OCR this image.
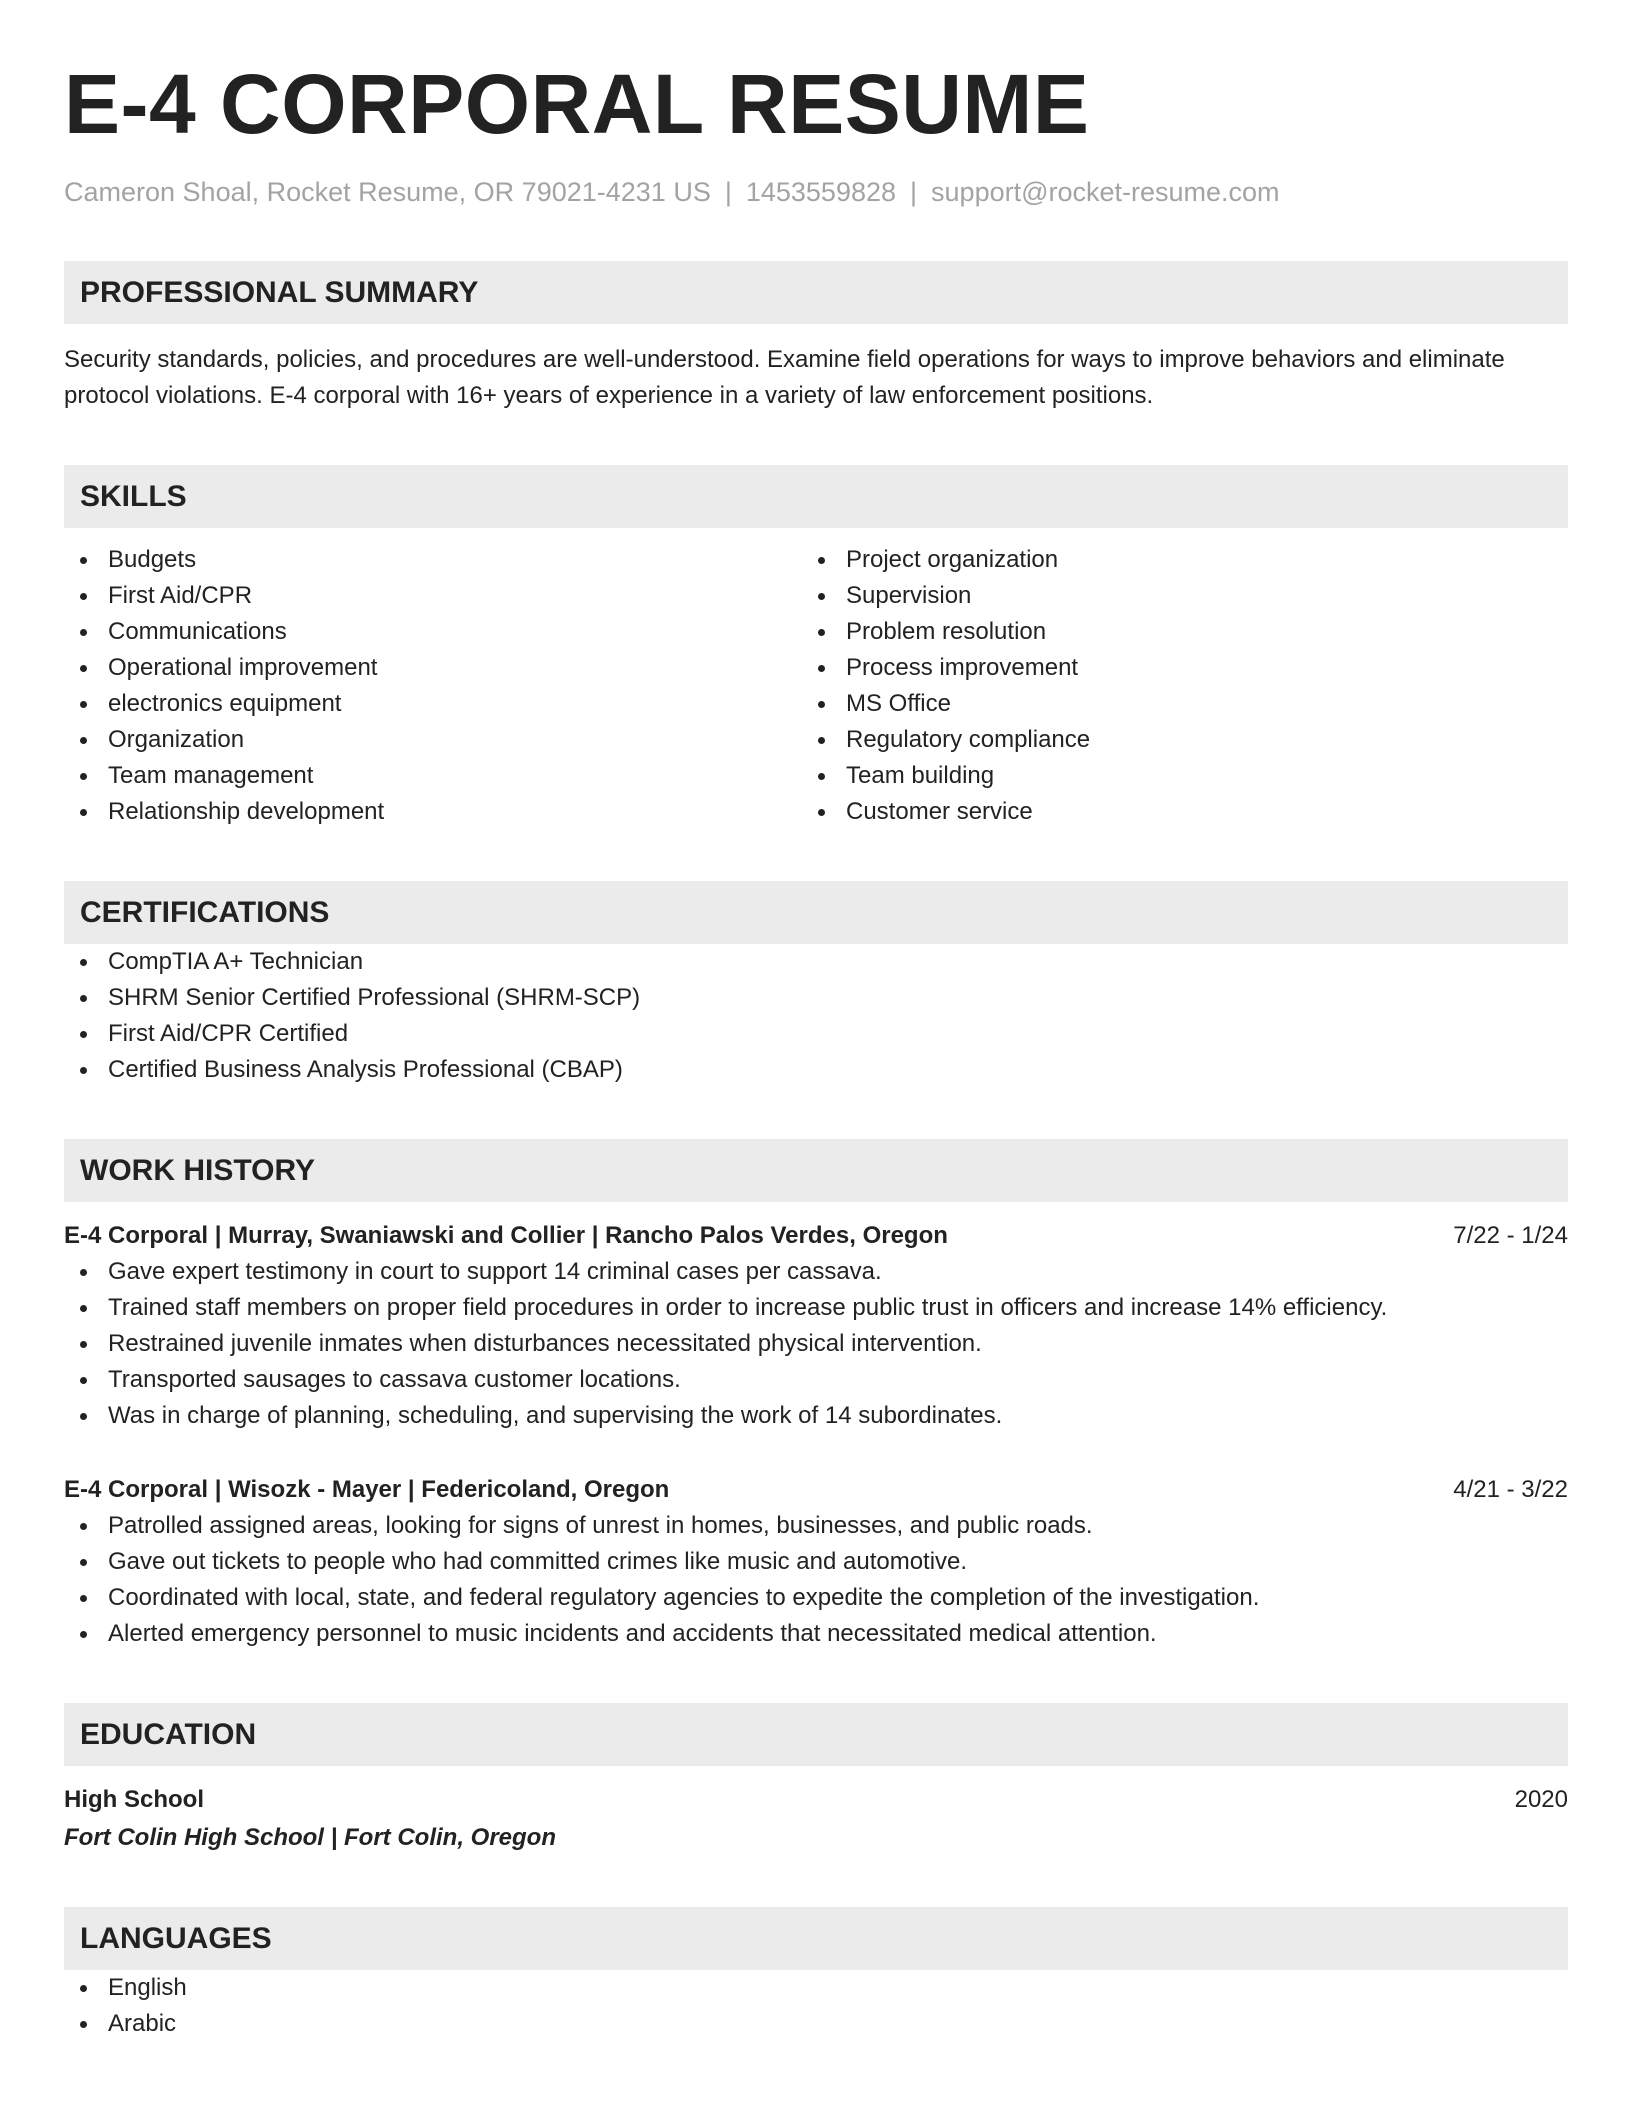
E-4 CORPORAL RESUME
Cameron Shoal, Rocket Resume, OR 79021-4231 US | 1453559828 | support@rocket-resume.com
PROFESSIONAL SUMMARY
Security standards, policies, and procedures are well-understood. Examine field operations for ways to improve behaviors and eliminate protocol violations. E-4 corporal with 16+ years of experience in a variety of law enforcement positions.
SKILLS
Budgets
First Aid/CPR
Communications
Operational improvement
electronics equipment
Organization
Team management
Relationship development
Project organization
Supervision
Problem resolution
Process improvement
MS Office
Regulatory compliance
Team building
Customer service
CERTIFICATIONS
CompTIA A+ Technician
SHRM Senior Certified Professional (SHRM-SCP)
First Aid/CPR Certified
Certified Business Analysis Professional (CBAP)
WORK HISTORY
E-4 Corporal | Murray, Swaniawski and Collier | Rancho Palos Verdes, Oregon	7/22 - 1/24
Gave expert testimony in court to support 14 criminal cases per cassava.
Trained staff members on proper field procedures in order to increase public trust in officers and increase 14% efficiency.
Restrained juvenile inmates when disturbances necessitated physical intervention.
Transported sausages to cassava customer locations.
Was in charge of planning, scheduling, and supervising the work of 14 subordinates.
E-4 Corporal | Wisozk - Mayer | Federicoland, Oregon	4/21 - 3/22
Patrolled assigned areas, looking for signs of unrest in homes, businesses, and public roads.
Gave out tickets to people who had committed crimes like music and automotive.
Coordinated with local, state, and federal regulatory agencies to expedite the completion of the investigation.
Alerted emergency personnel to music incidents and accidents that necessitated medical attention.
EDUCATION
High School	2020
Fort Colin High School | Fort Colin, Oregon
LANGUAGES
English
Arabic
